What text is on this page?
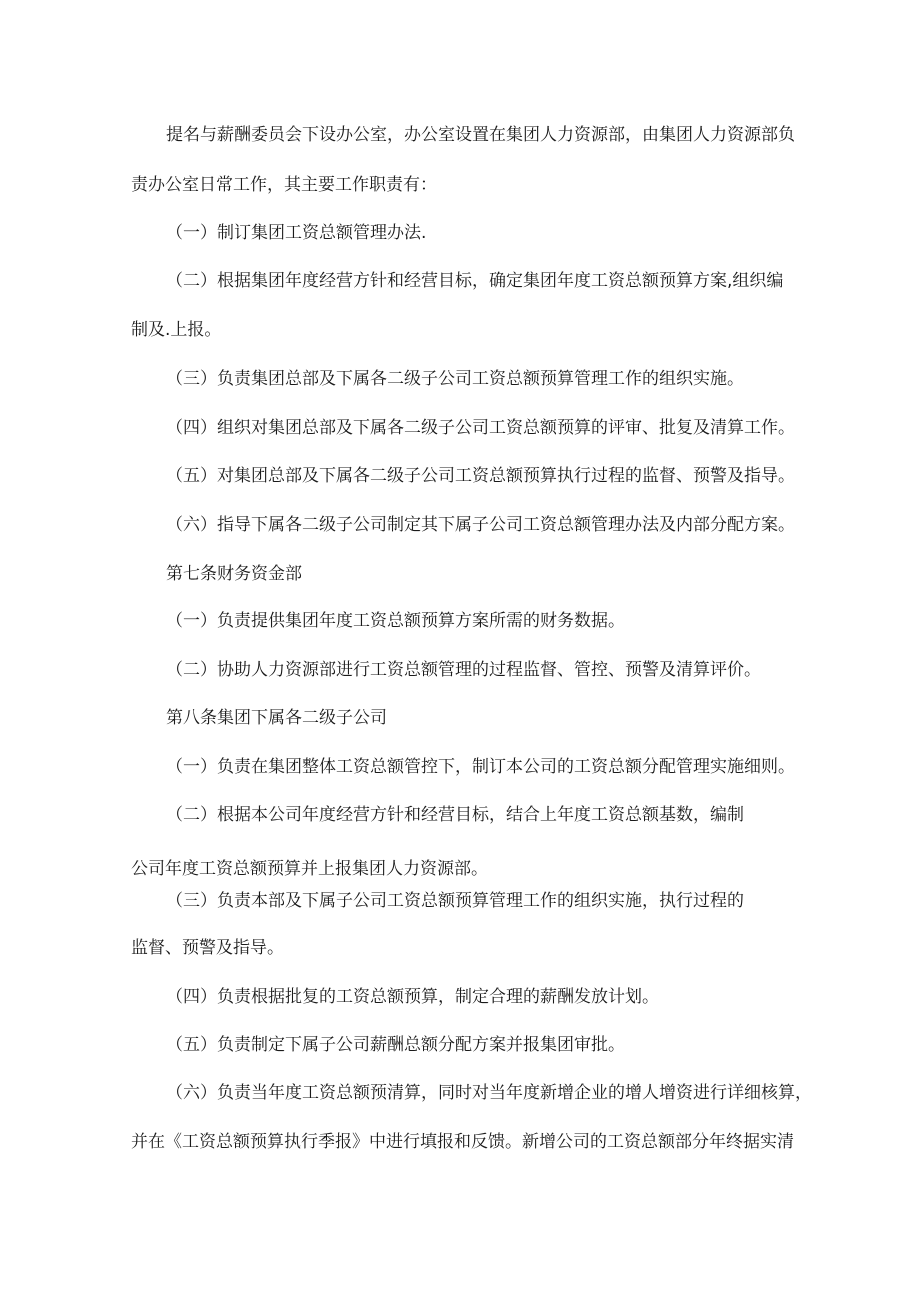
提名与薪酬委员会下设办公室，办公室设置在集团人力资源部，由集团人力资源部负
责办公室日常工作，其主要工作职责有：
（一）制订集团工资总额管理办法.
（二）根据集团年度经营方针和经营目标，确定集团年度工资总额预算方案,组织编
制及.上报。
（三）负责集团总部及下属各二级子公司工资总额预算管理工作的组织实施。
（四）组织对集团总部及下属各二级子公司工资总额预算的评审、批复及清算工作。
（五）对集团总部及下属各二级子公司工资总额预算执行过程的监督、预警及指导。
（六）指导下属各二级子公司制定其下属子公司工资总额管理办法及内部分配方案。
第七条财务资金部
（一）负责提供集团年度工资总额预算方案所需的财务数据。
（二）协助人力资源部进行工资总额管理的过程监督、管控、预警及清算评价。
第八条集团下属各二级子公司
（一）负责在集团整体工资总额管控下，制订本公司的工资总额分配管理实施细则。
（二）根据本公司年度经营方针和经营目标，结合上年度工资总额基数，编制
公司年度工资总额预算并上报集团人力资源部。
（三）负责本部及下属子公司工资总额预算管理工作的组织实施，执行过程的
监督、预警及指导。
（四）负责根据批复的工资总额预算，制定合理的薪酬发放计划。
（五）负责制定下属子公司薪酬总额分配方案并报集团审批。
（六）负责当年度工资总额预清算，同时对当年度新增企业的增人增资进行详细核算，
并在《工资总额预算执行季报》中进行填报和反馈。新增公司的工资总额部分年终据实清
